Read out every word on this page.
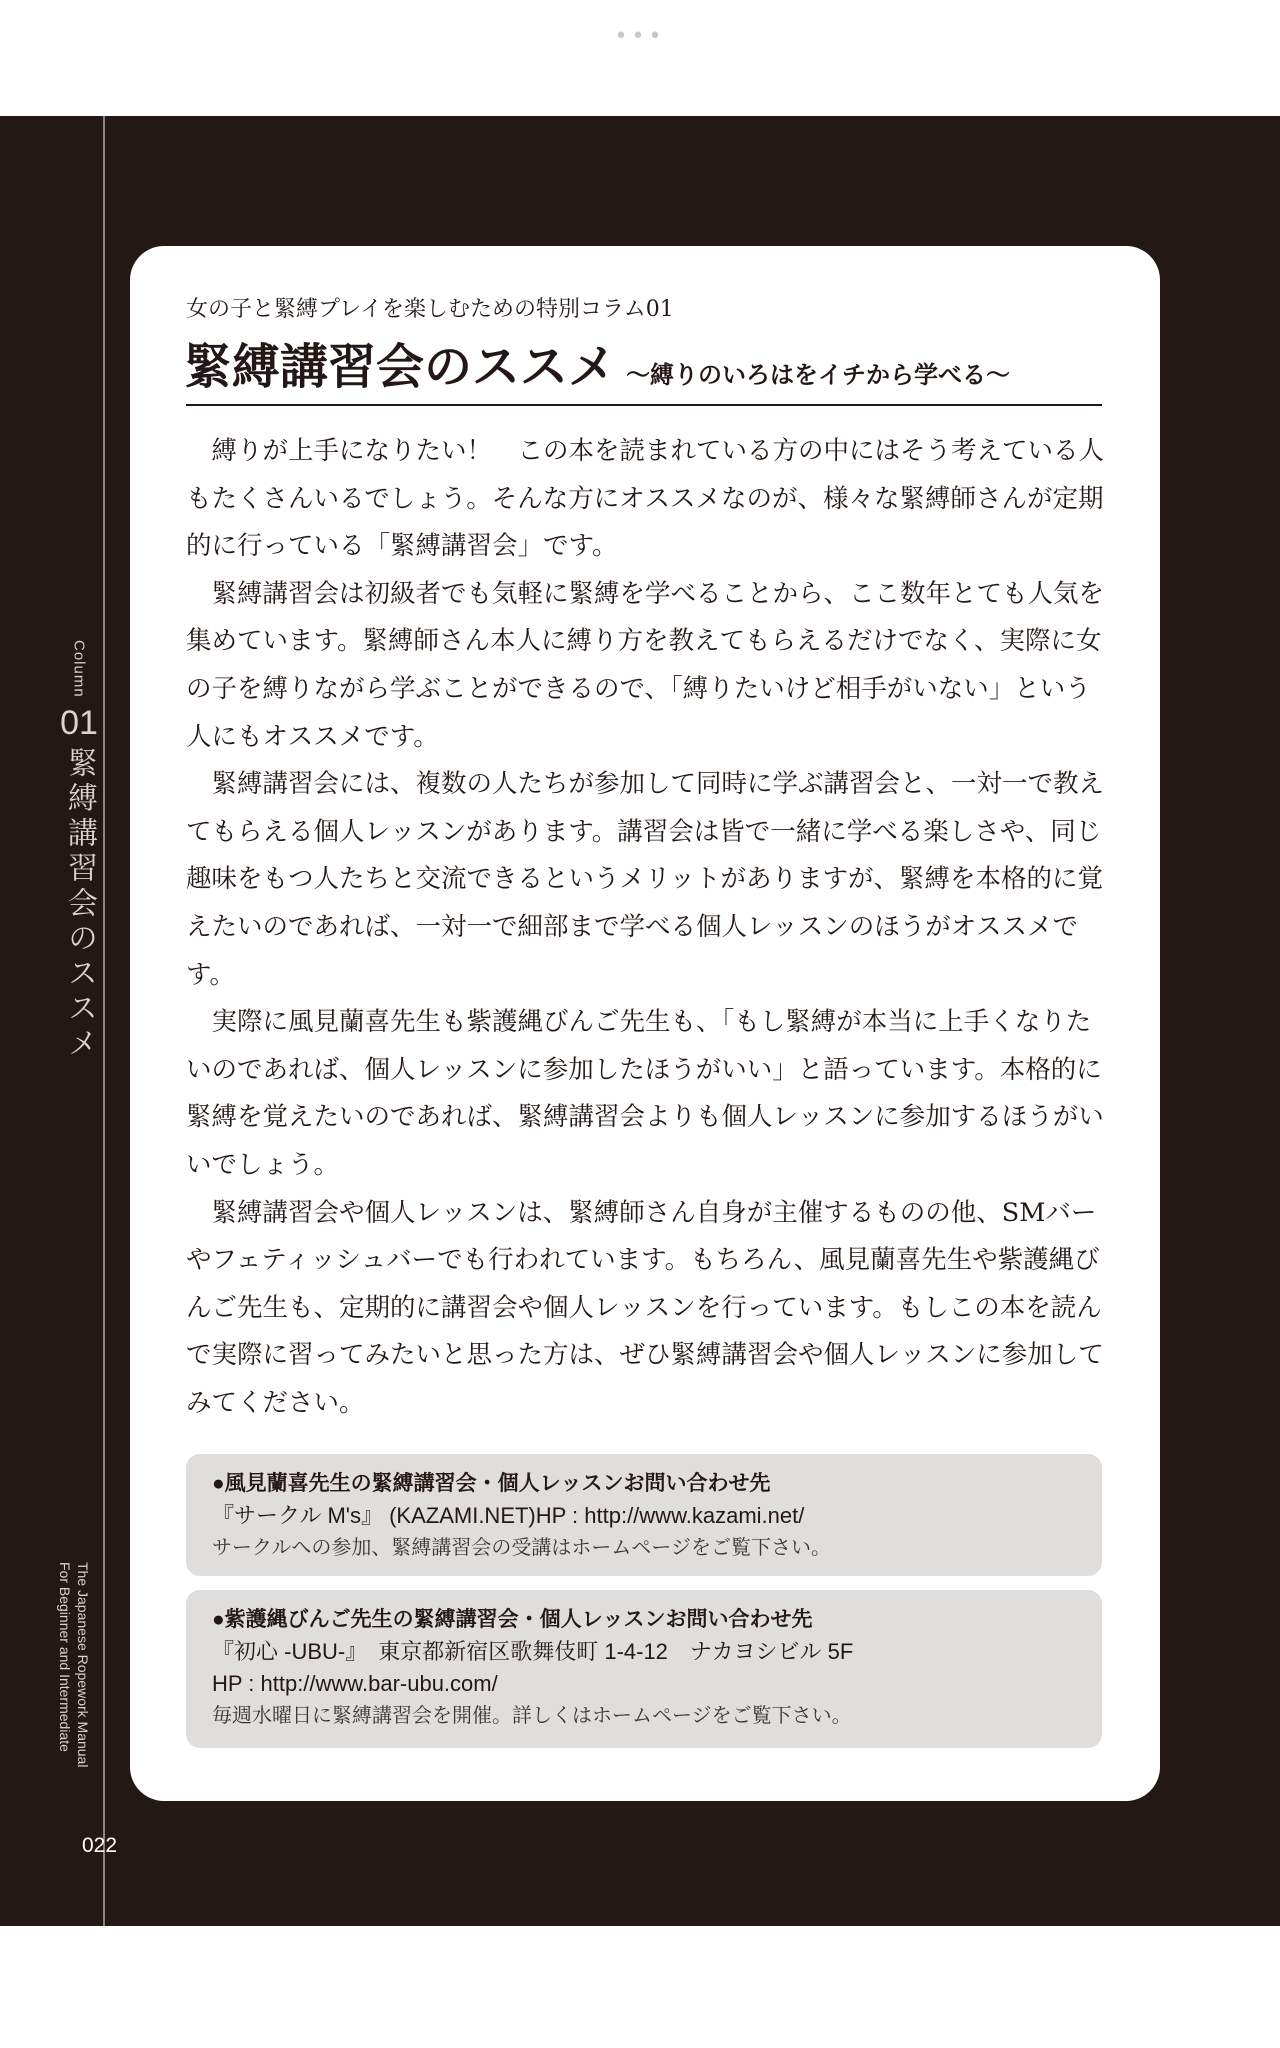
•••
Column
01
緊縛講習会のススメ
The Japanese Ropework Manual
For Beginner and Intermediate
022
女の子と緊縛プレイを楽しむための特別コラム01
緊縛講習会のススメ 〜縛りのいろはをイチから学べる〜

縛りが上手になりたい！　この本を読まれている方の中にはそう考えている人もたくさんいるでしょう。そんな方にオススメなのが、様々な緊縛師さんが定期的に行っている「緊縛講習会」です。

緊縛講習会は初級者でも気軽に緊縛を学べることから、ここ数年とても人気を集めています。緊縛師さん本人に縛り方を教えてもらえるだけでなく、実際に女の子を縛りながら学ぶことができるので、「縛りたいけど相手がいない」という人にもオススメです。

緊縛講習会には、複数の人たちが参加して同時に学ぶ講習会と、一対一で教えてもらえる個人レッスンがあります。講習会は皆で一緒に学べる楽しさや、同じ趣味をもつ人たちと交流できるというメリットがありますが、緊縛を本格的に覚えたいのであれば、一対一で細部まで学べる個人レッスンのほうがオススメです。

実際に風見蘭喜先生も紫護縄びんご先生も、「もし緊縛が本当に上手くなりたいのであれば、個人レッスンに参加したほうがいい」と語っています。本格的に緊縛を覚えたいのであれば、緊縛講習会よりも個人レッスンに参加するほうがいいでしょう。

緊縛講習会や個人レッスンは、緊縛師さん自身が主催するものの他、SMバーやフェティッシュバーでも行われています。もちろん、風見蘭喜先生や紫護縄びんご先生も、定期的に講習会や個人レッスンを行っています。もしこの本を読んで実際に習ってみたいと思った方は、ぜひ緊縛講習会や個人レッスンに参加してみてください。

●風見蘭喜先生の緊縛講習会・個人レッスンお問い合わせ先
『サークル M's』 (KAZAMI.NET)HP : http://www.kazami.net/
サークルへの参加、緊縛講習会の受講はホームページをご覧下さい。
●紫護縄びんご先生の緊縛講習会・個人レッスンお問い合わせ先
『初心 -UBU-』　東京都新宿区歌舞伎町 1-4-12　ナカヨシビル 5F
HP : http://www.bar-ubu.com/
毎週水曜日に緊縛講習会を開催。詳しくはホームページをご覧下さい。
